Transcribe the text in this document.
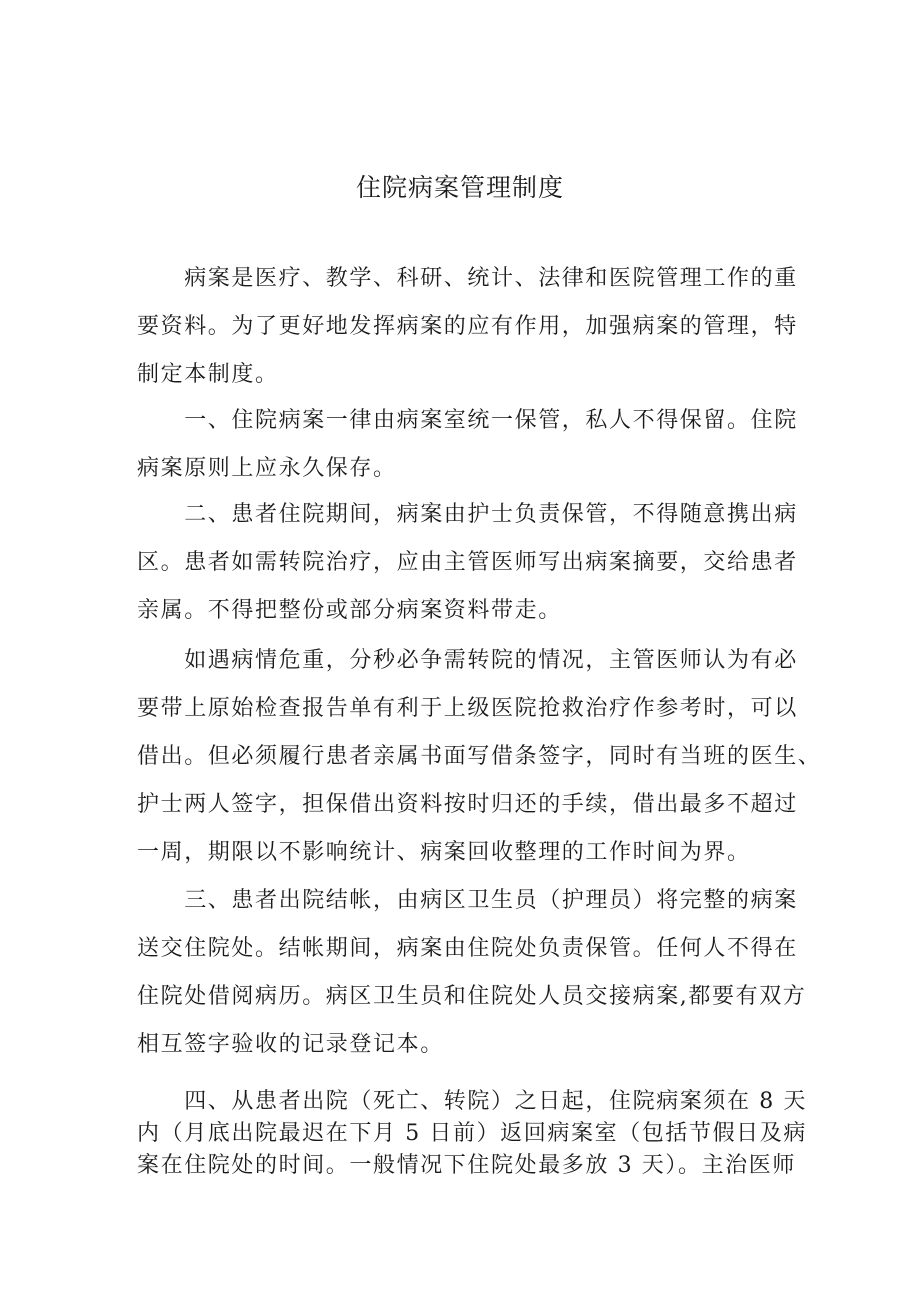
住院病案管理制度
　　病案是医疗、教学、科研、统计、法律和医院管理工作的重
要资料。为了更好地发挥病案的应有作用，加强病案的管理，特
制定本制度。
　　一、住院病案一律由病案室统一保管，私人不得保留。住院
病案原则上应永久保存。
　　二、患者住院期间，病案由护士负责保管，不得随意携出病
区。患者如需转院治疗，应由主管医师写出病案摘要，交给患者
亲属。不得把整份或部分病案资料带走。
　　如遇病情危重，分秒必争需转院的情况，主管医师认为有必
要带上原始检查报告单有利于上级医院抢救治疗作参考时，可以
借出。但必须履行患者亲属书面写借条签字，同时有当班的医生、
护士两人签字，担保借出资料按时归还的手续，借出最多不超过
一周，期限以不影响统计、病案回收整理的工作时间为界。
　　三、患者出院结帐，由病区卫生员（护理员）将完整的病案
送交住院处。结帐期间，病案由住院处负责保管。任何人不得在
住院处借阅病历。病区卫生员和住院处人员交接病案,都要有双方
相互签字验收的记录登记本。
　　四、从患者出院（死亡、转院）之日起，住院病案须在 8 天
内（月底出院最迟在下月 5 日前）返回病案室（包括节假日及病
案在住院处的时间。一般情况下住院处最多放 3 天）。主治医师
